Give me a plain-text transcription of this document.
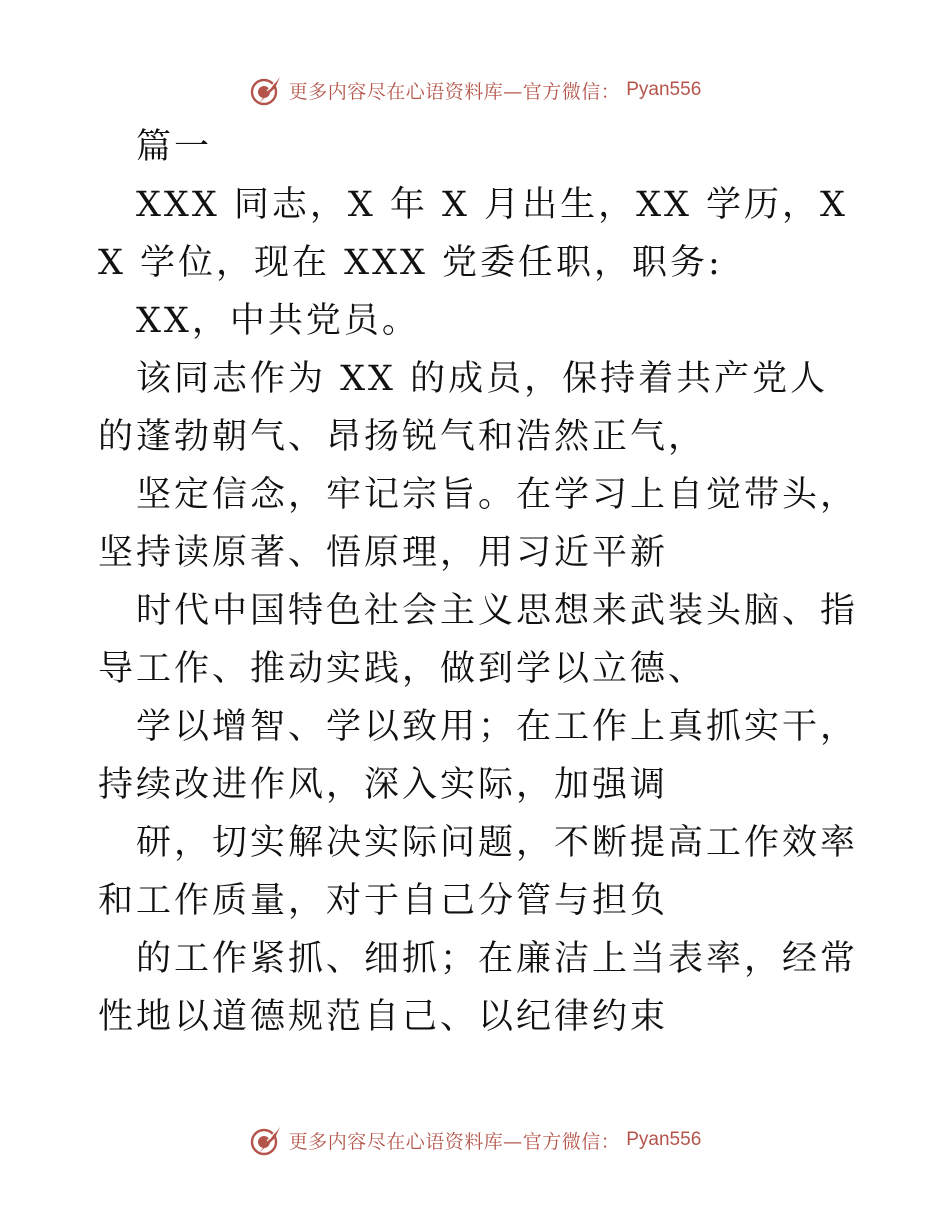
更多内容尽在心语资料库—官方微信： Pyan556

篇一

XXX 同志，X 年 X 月出生，XX 学历，XX 学位，现在 XXX 党委任职，职务:

XX，中共党员。

该同志作为 XX 的成员，保持着共产党人的蓬勃朝气、昂扬锐气和浩然正气，

坚定信念，牢记宗旨。在学习上自觉带头，坚持读原著、悟原理，用习近平新

时代中国特色社会主义思想来武装头脑、指导工作、推动实践，做到学以立德、

学以增智、学以致用；在工作上真抓实干，持续改进作风，深入实际，加强调

研，切实解决实际问题，不断提高工作效率和工作质量，对于自己分管与担负

的工作紧抓、细抓；在廉洁上当表率，经常性地以道德规范自己、以纪律约束

更多内容尽在心语资料库—官方微信： Pyan556
